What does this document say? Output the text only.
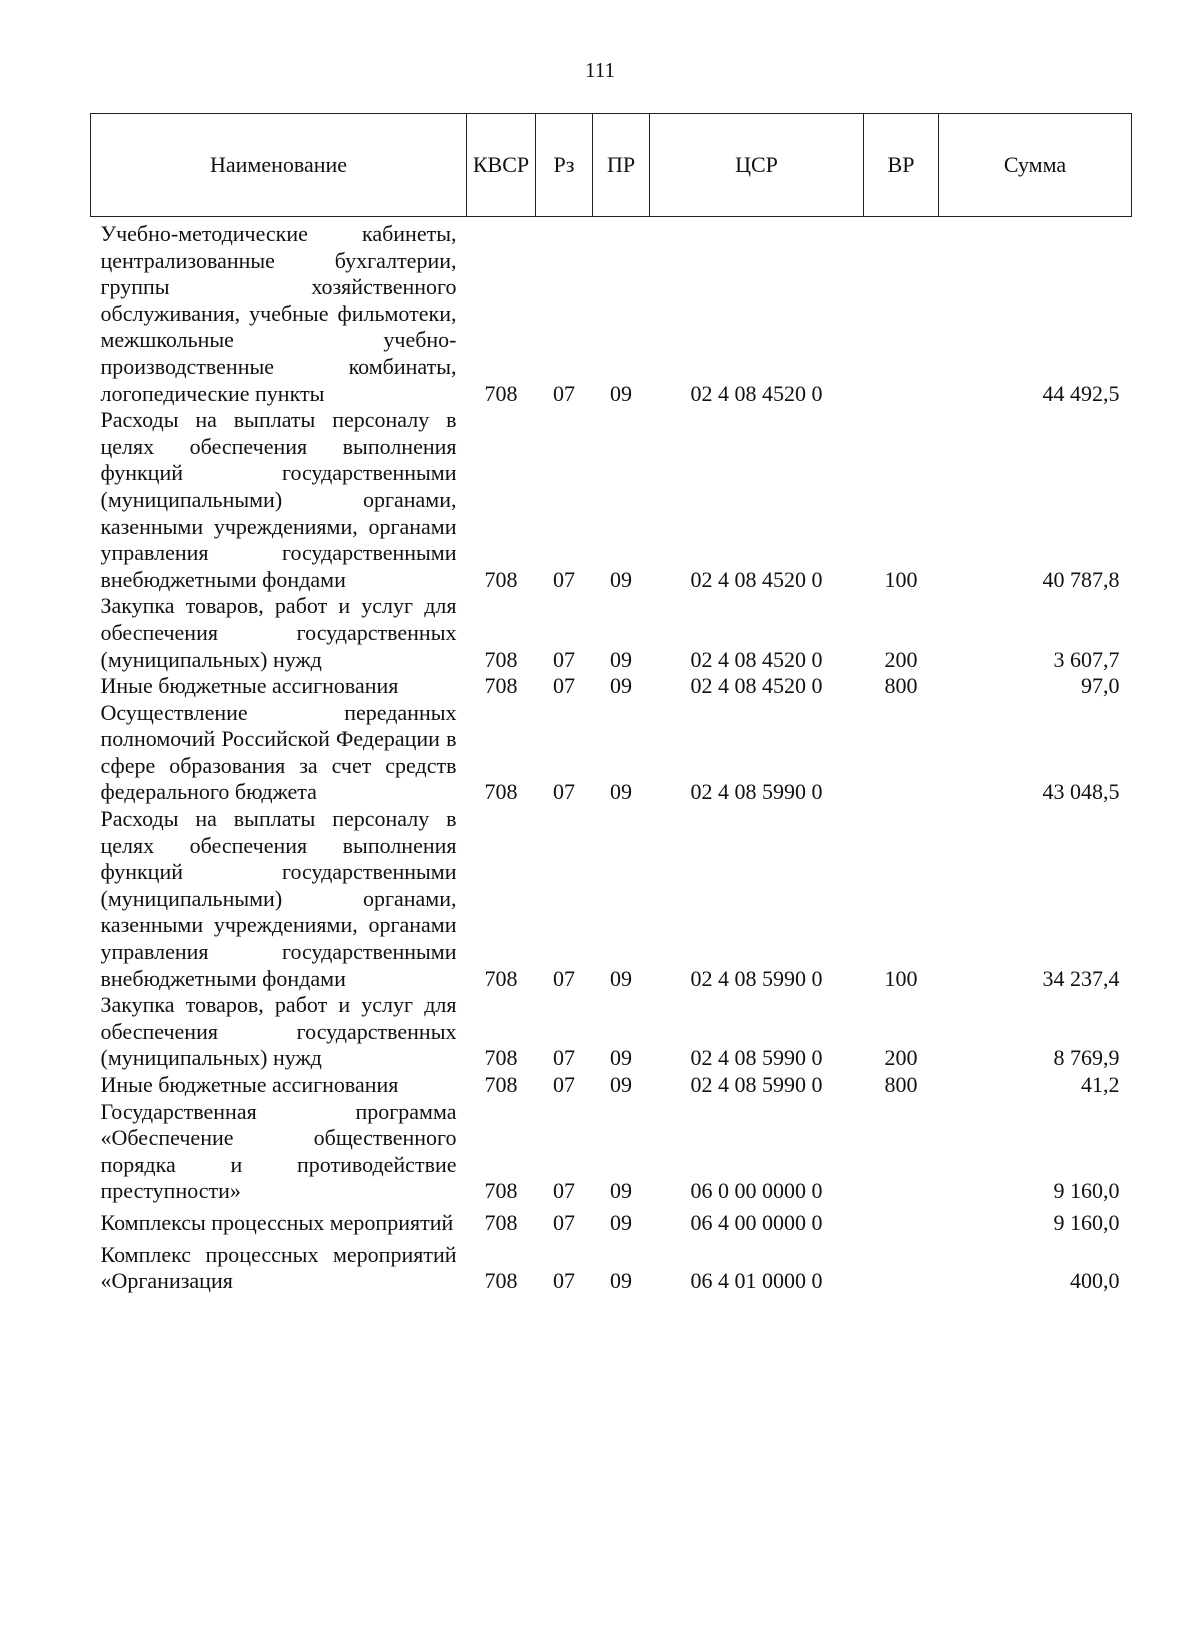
111
Наименование	КВСР	Рз	ПР	ЦСР	ВР	Сумма
Учебно-методические кабинеты, централизованные бухгалтерии, группы хозяйственного обслуживания, учебные фильмотеки, межшкольные учебно-производственные комбинаты, логопедические пункты	708	07	09	02 4 08 4520 0		44 492,5
Расходы на выплаты персоналу в целях обеспечения выполнения функций государственными (муниципальными) органами, казенными учреждениями, органами управления государственными внебюджетными фондами	708	07	09	02 4 08 4520 0	100	40 787,8
Закупка товаров, работ и услуг для обеспечения государственных (муниципальных) нужд	708	07	09	02 4 08 4520 0	200	3 607,7
Иные бюджетные ассигнования	708	07	09	02 4 08 4520 0	800	97,0
Осуществление переданных полномочий Российской Федерации в сфере образования за счет средств федерального бюджета	708	07	09	02 4 08 5990 0		43 048,5
Расходы на выплаты персоналу в целях обеспечения выполнения функций государственными (муниципальными) органами, казенными учреждениями, органами управления государственными внебюджетными фондами	708	07	09	02 4 08 5990 0	100	34 237,4
Закупка товаров, работ и услуг для обеспечения государственных (муниципальных) нужд	708	07	09	02 4 08 5990 0	200	8 769,9
Иные бюджетные ассигнования	708	07	09	02 4 08 5990 0	800	41,2
Государственная программа «Обеспечение общественного порядка и противодействие преступности»	708	07	09	06 0 00 0000 0		9 160,0
Комплексы процессных мероприятий	708	07	09	06 4 00 0000 0		9 160,0
Комплекс процессных мероприятий «Организация	708	07	09	06 4 01 0000 0		400,0
